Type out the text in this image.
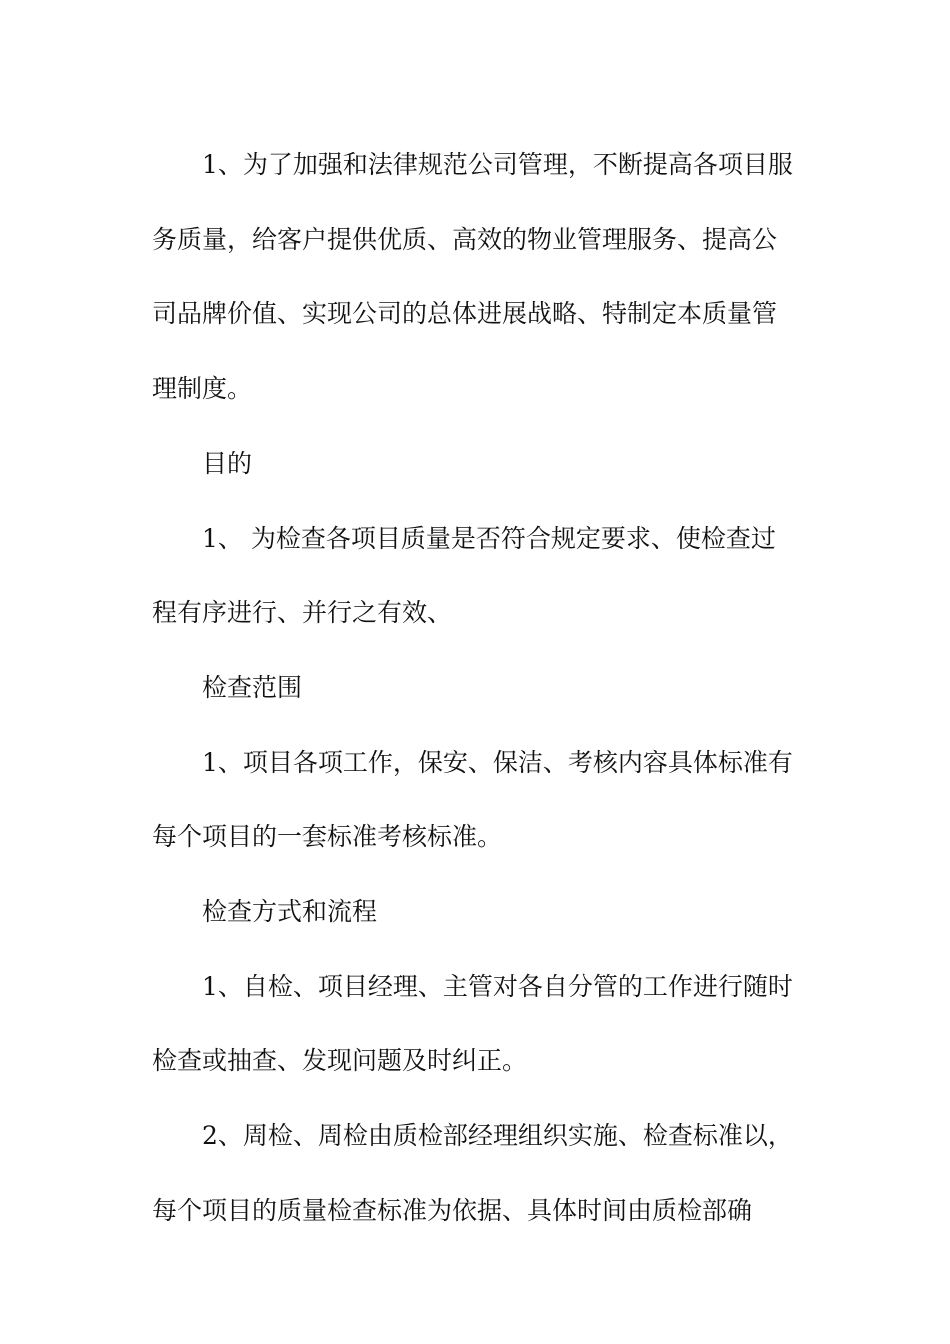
1、为了加强和法律规范公司管理，不断提高各项目服
务质量，给客户提供优质、高效的物业管理服务、提高公
司品牌价值、实现公司的总体进展战略、特制定本质量管
理制度。
目的
1、 为检查各项目质量是否符合规定要求、使检查过
程有序进行、并行之有效、
检查范围
1、项目各项工作，保安、保洁、考核内容具体标准有
每个项目的一套标准考核标准。
检查方式和流程
1、自检、项目经理、主管对各自分管的工作进行随时
检查或抽查、发现问题及时纠正。
2、周检、周检由质检部经理组织实施、检查标准以，
每个项目的质量检查标准为依据、具体时间由质检部确
